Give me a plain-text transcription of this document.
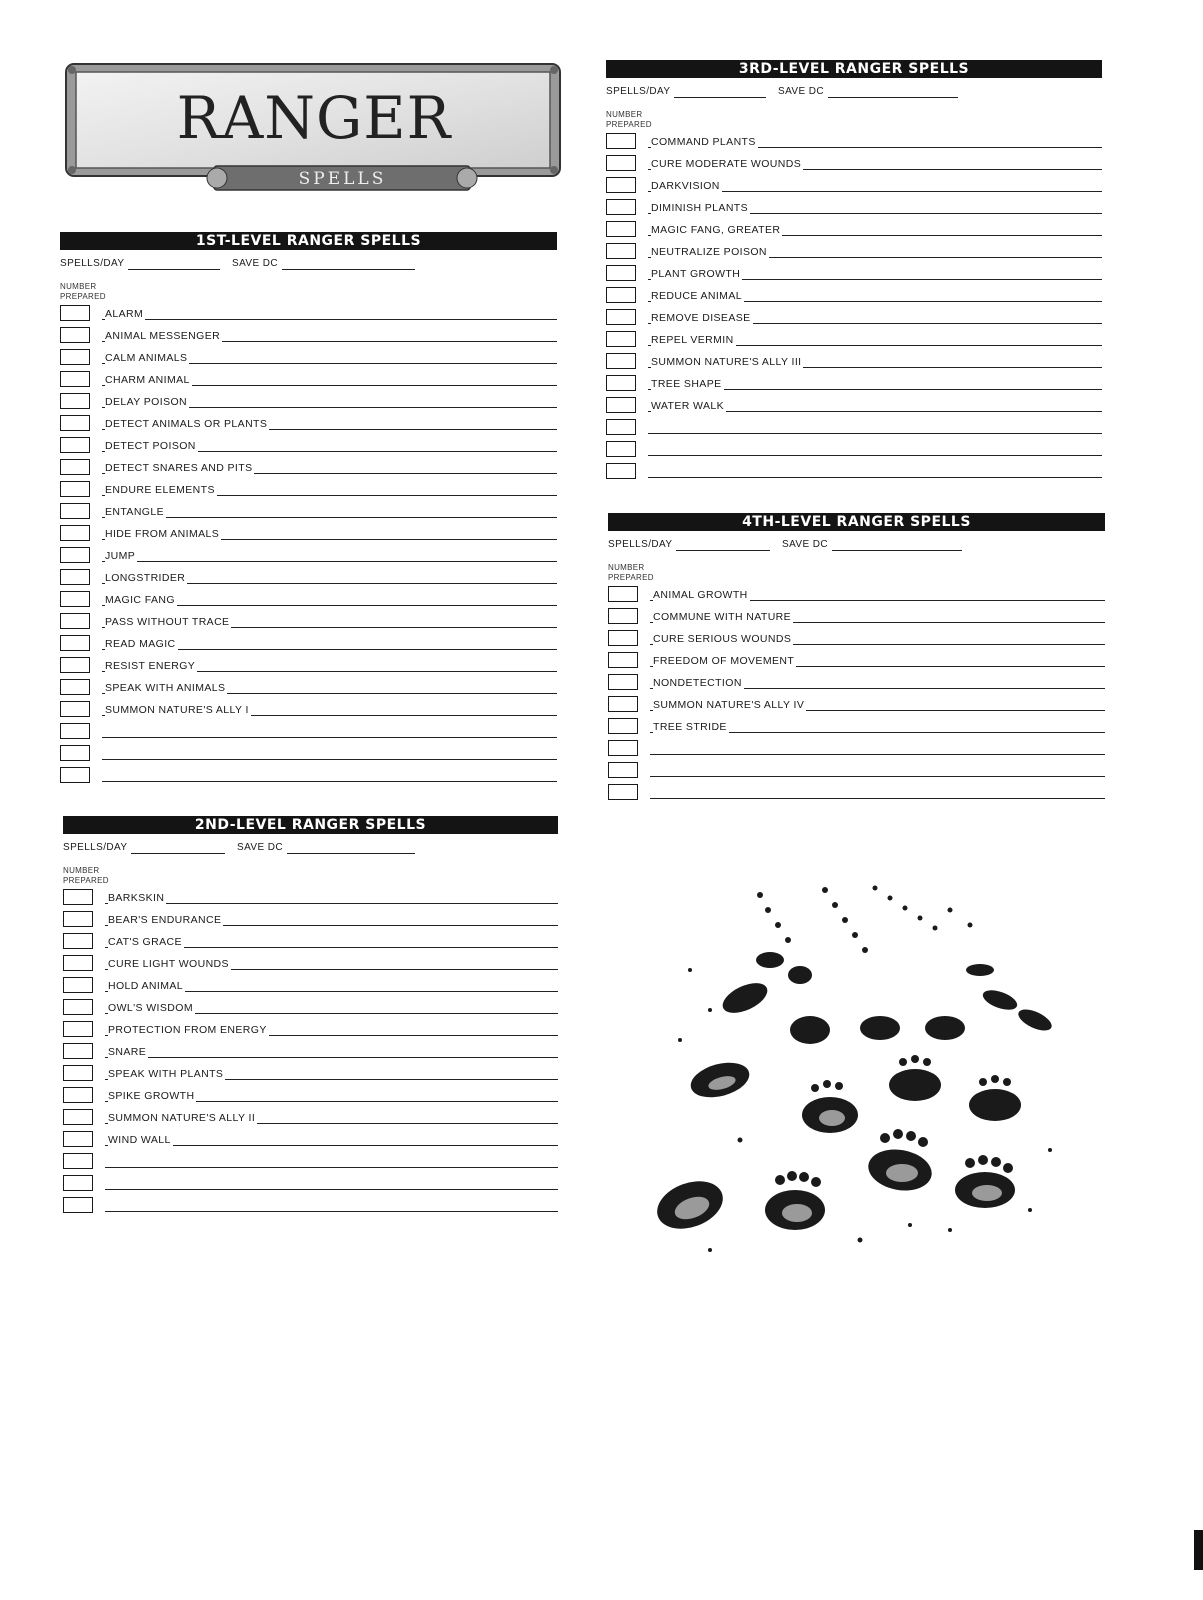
RANGER
SPELLS
1ST-LEVEL RANGER SPELLS
SPELLS/DAY	SAVE DC
NUMBER
PREPARED
ALARM
ANIMAL MESSENGER
CALM ANIMALS
CHARM ANIMAL
DELAY POISON
DETECT ANIMALS OR PLANTS
DETECT POISON
DETECT SNARES AND PITS
ENDURE ELEMENTS
ENTANGLE
HIDE FROM ANIMALS
JUMP
LONGSTRIDER
MAGIC FANG
PASS WITHOUT TRACE
READ MAGIC
RESIST ENERGY
SPEAK WITH ANIMALS
SUMMON NATURE'S ALLY I
2ND-LEVEL RANGER SPELLS
SPELLS/DAY	SAVE DC
NUMBER
PREPARED
BARKSKIN
BEAR'S ENDURANCE
CAT'S GRACE
CURE LIGHT WOUNDS
HOLD ANIMAL
OWL'S WISDOM
PROTECTION FROM ENERGY
SNARE
SPEAK WITH PLANTS
SPIKE GROWTH
SUMMON NATURE'S ALLY II
WIND WALL
3RD-LEVEL RANGER SPELLS
SPELLS/DAY	SAVE DC
NUMBER
PREPARED
COMMAND PLANTS
CURE MODERATE WOUNDS
DARKVISION
DIMINISH PLANTS
MAGIC FANG, GREATER
NEUTRALIZE POISON
PLANT GROWTH
REDUCE ANIMAL
REMOVE DISEASE
REPEL VERMIN
SUMMON NATURE'S ALLY III
TREE SHAPE
WATER WALK
4TH-LEVEL RANGER SPELLS
SPELLS/DAY	SAVE DC
NUMBER
PREPARED
ANIMAL GROWTH
COMMUNE WITH NATURE
CURE SERIOUS WOUNDS
FREEDOM OF MOVEMENT
NONDETECTION
SUMMON NATURE'S ALLY IV
TREE STRIDE
